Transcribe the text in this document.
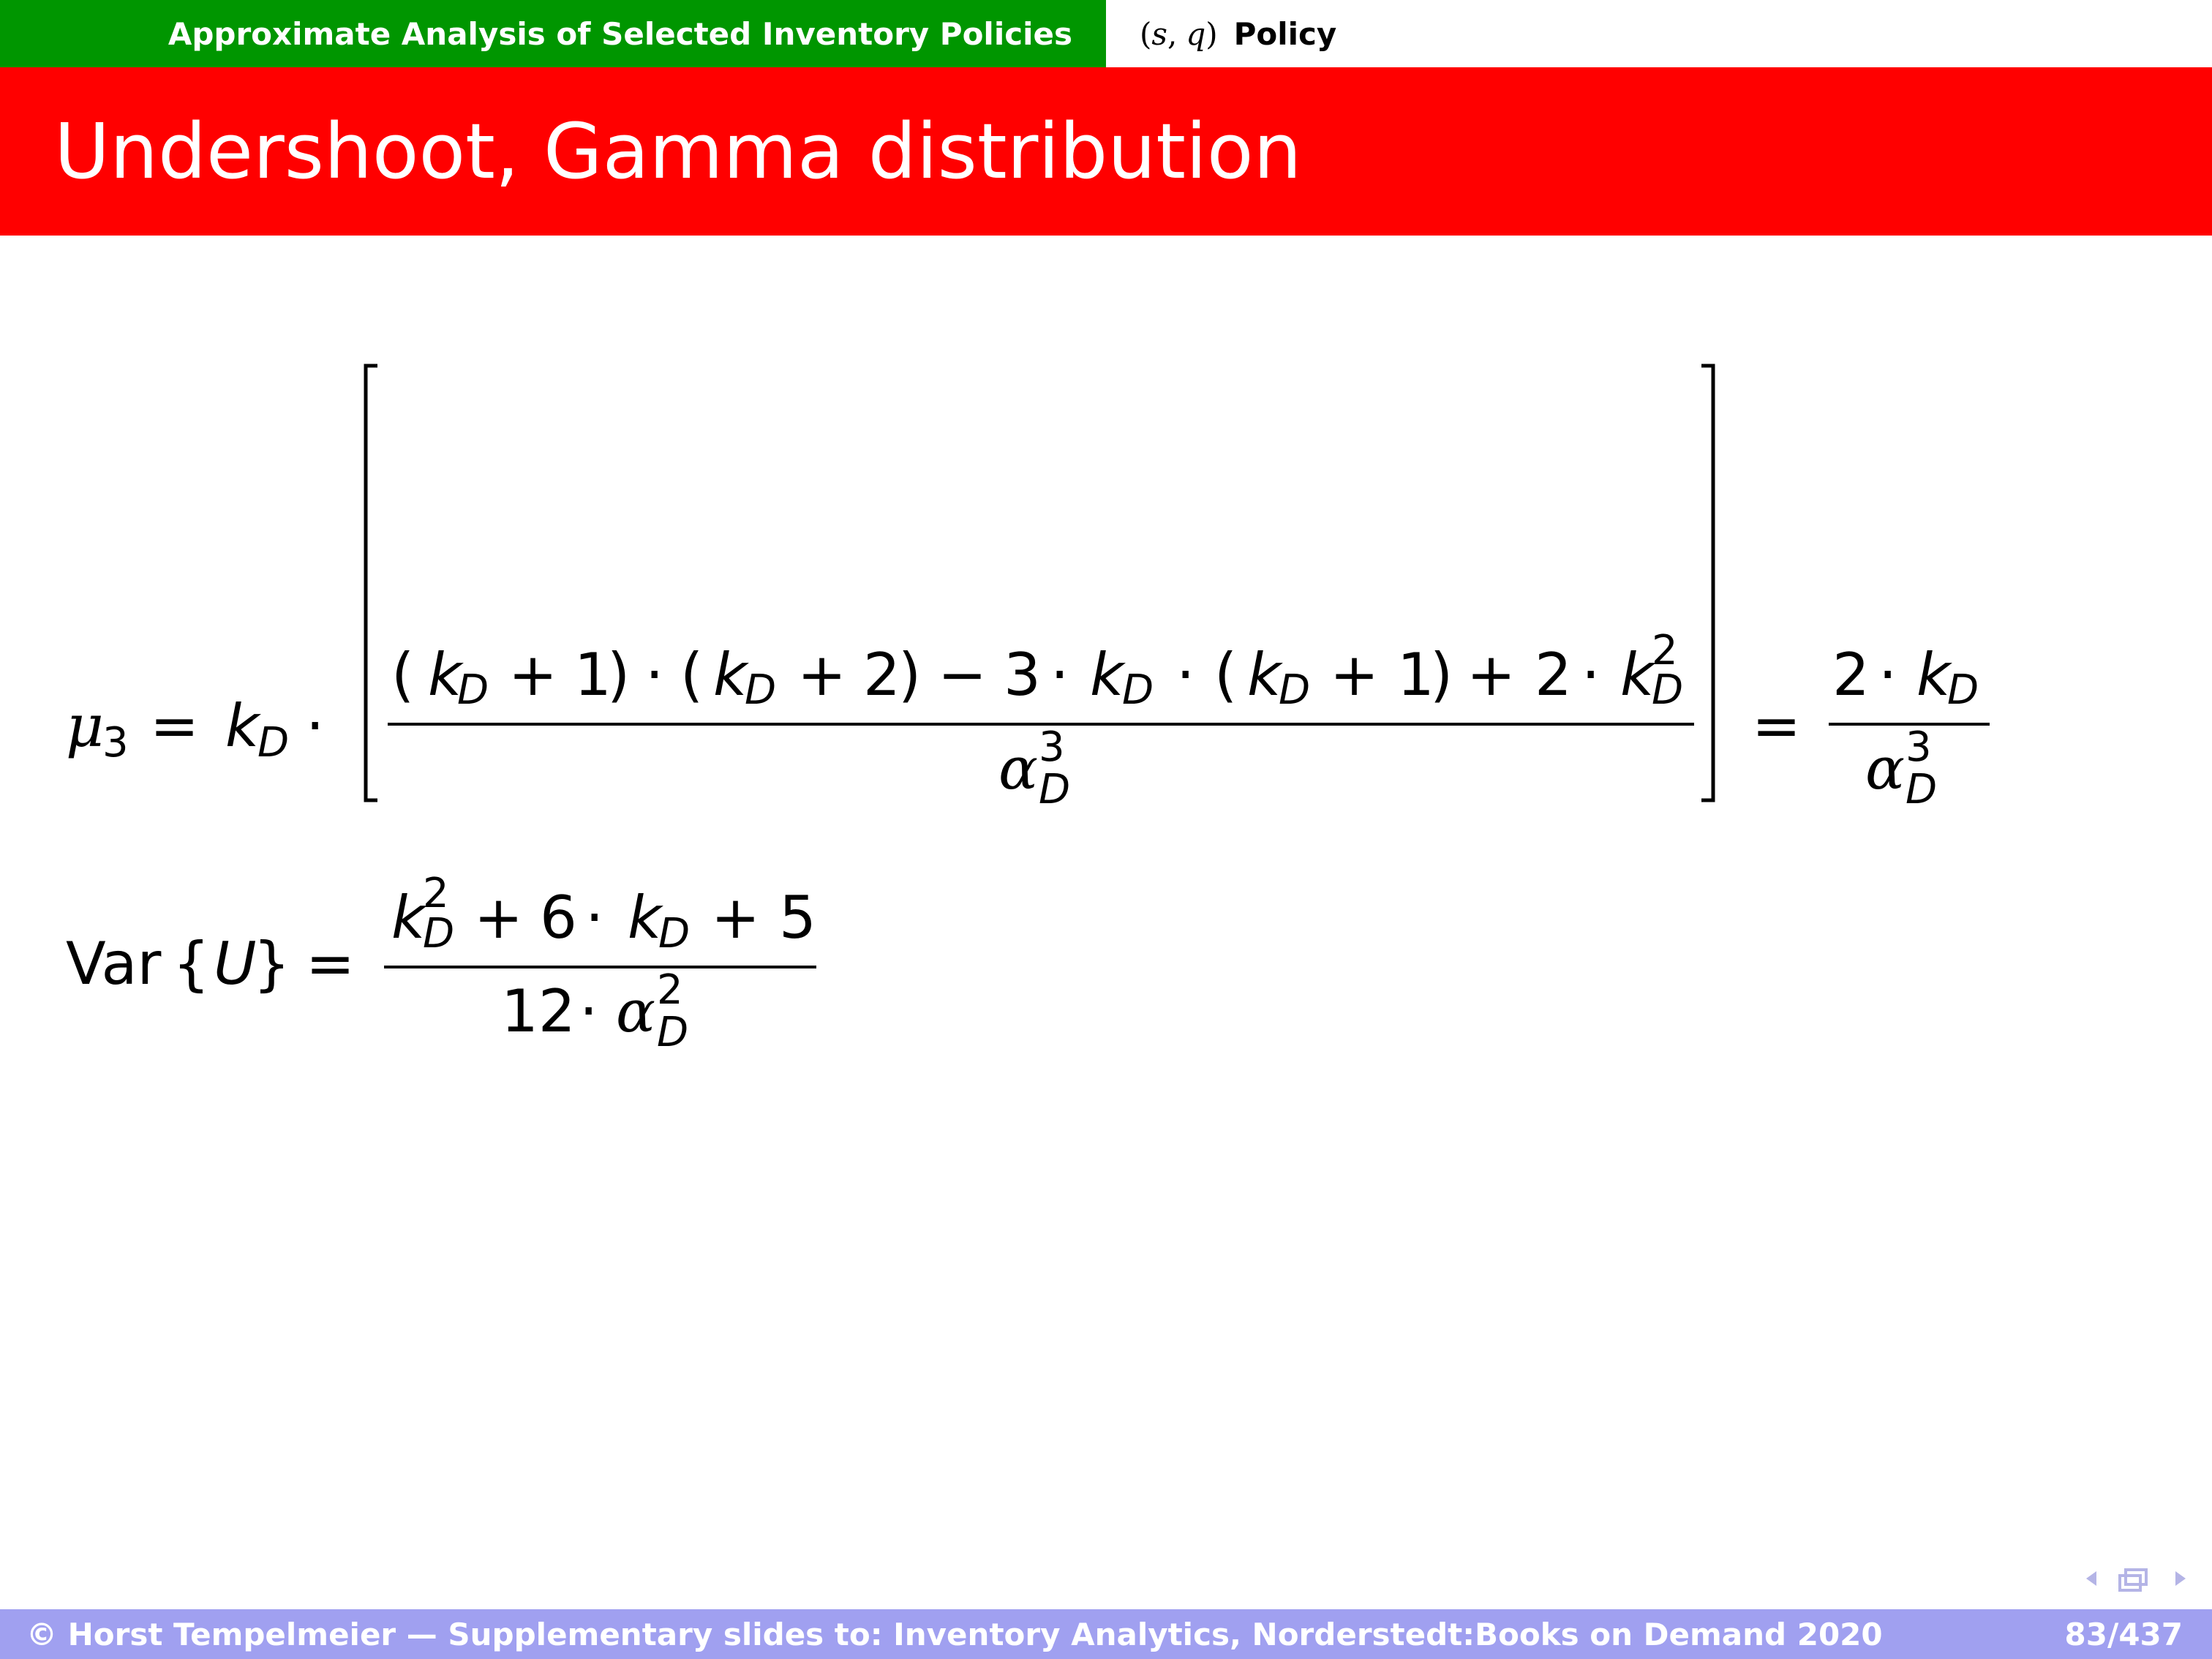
Approximate Analysis of Selected Inventory Policies ( s , q ) Policy
Undershoot, Gamma distribution
μ
3 = k
D ·
( k
D + 1
) · ( k
D + 2
) − 3 · k
D · ( k
D + 1
) + 2 · k
2
D
α 3
D
=
2 · k
D
α 3
D
Var { U
} =
k
2
D + 6 · k
D + 5
12 · α 2
D
© Horst Tempelmeier — Supplementary slides to: Inventory Analytics, Norderstedt:Books on Demand 2020	83/437
